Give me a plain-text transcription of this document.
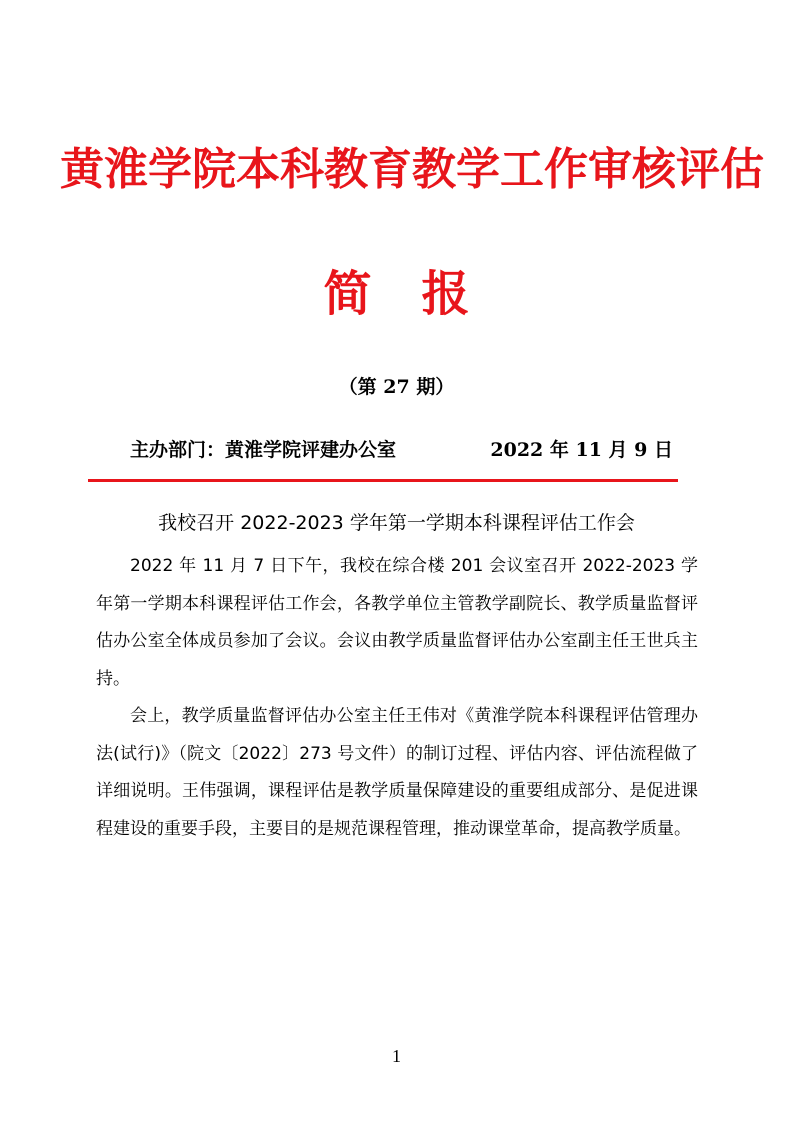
黄淮学院本科教育教学工作审核评估
简 报
（第 27 期）
主办部门：黄淮学院评建办公室	2022 年 11 月 9 日
我校召开 2022-2023 学年第一学期本科课程评估工作会

2022 年 11 月 7 日下午，我校在综合楼 201 会议室召开 2022-2023 学年第一学期本科课程评估工作会，各教学单位主管教学副院长、教学质量监督评估办公室全体成员参加了会议。会议由教学质量监督评估办公室副主任王世兵主持。

会上，教学质量监督评估办公室主任王伟对《黄淮学院本科课程评估管理办法(试行)》（院文〔2022〕273 号文件）的制订过程、评估内容、评估流程做了详细说明。王伟强调，课程评估是教学质量保障建设的重要组成部分、是促进课程建设的重要手段，主要目的是规范课程管理，推动课堂革命，提高教学质量。

1
